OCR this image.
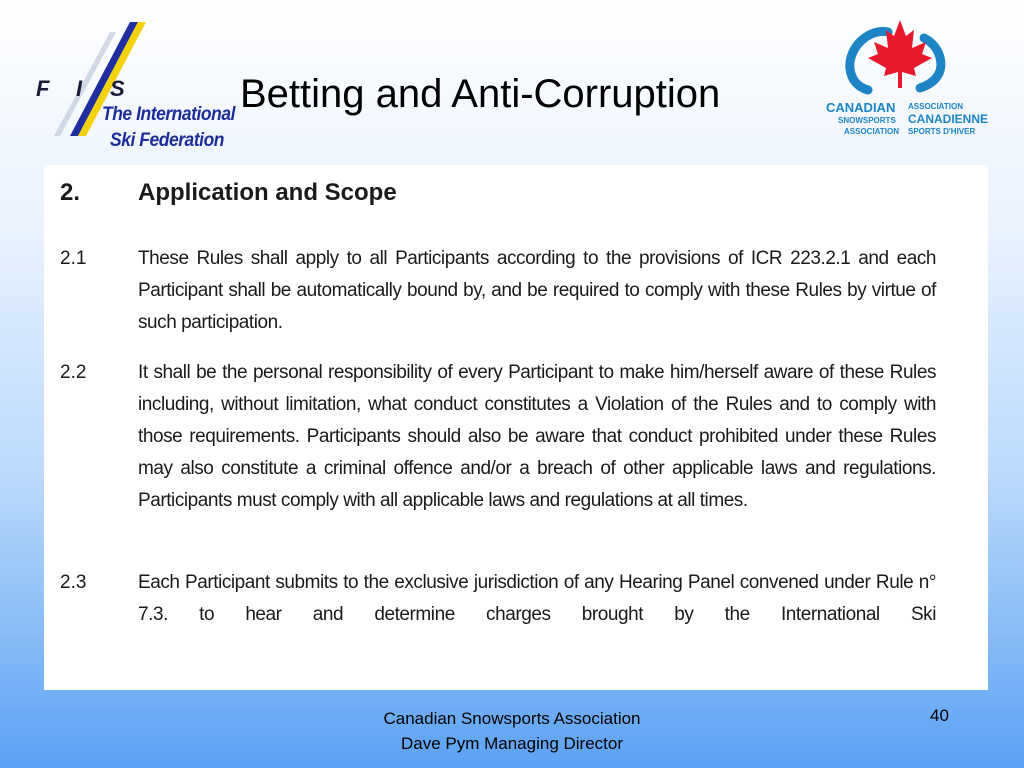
F I S
The International
Ski Federation
Betting and Anti-Corruption	CANADIAN
SNOWSPORTS
ASSOCIATION
ASSOCIATION
CANADIENNE
SPORTS D'HIVER
2. Application and Scope
2.1	These Rules shall apply to all Participants according to the provisions of ICR 223.2.1 and each Participant shall be automatically bound by, and be required to comply with these Rules by virtue of such participation.
2.2	It shall be the personal responsibility of every Participant to make him/herself aware of these Rules including, without limitation, what conduct constitutes a Violation of the Rules and to comply with those requirements. Participants should also be aware that conduct prohibited under these Rules may also constitute a criminal offence and/or a breach of other applicable laws and regulations. Participants must comply with all applicable laws and regulations at all times.
2.3	Each Participant submits to the exclusive jurisdiction of any Hearing Panel convened under Rule n° 7.3. to hear and determine charges brought by the International Ski
Canadian Snowsports Association
Dave Pym Managing Director
40
